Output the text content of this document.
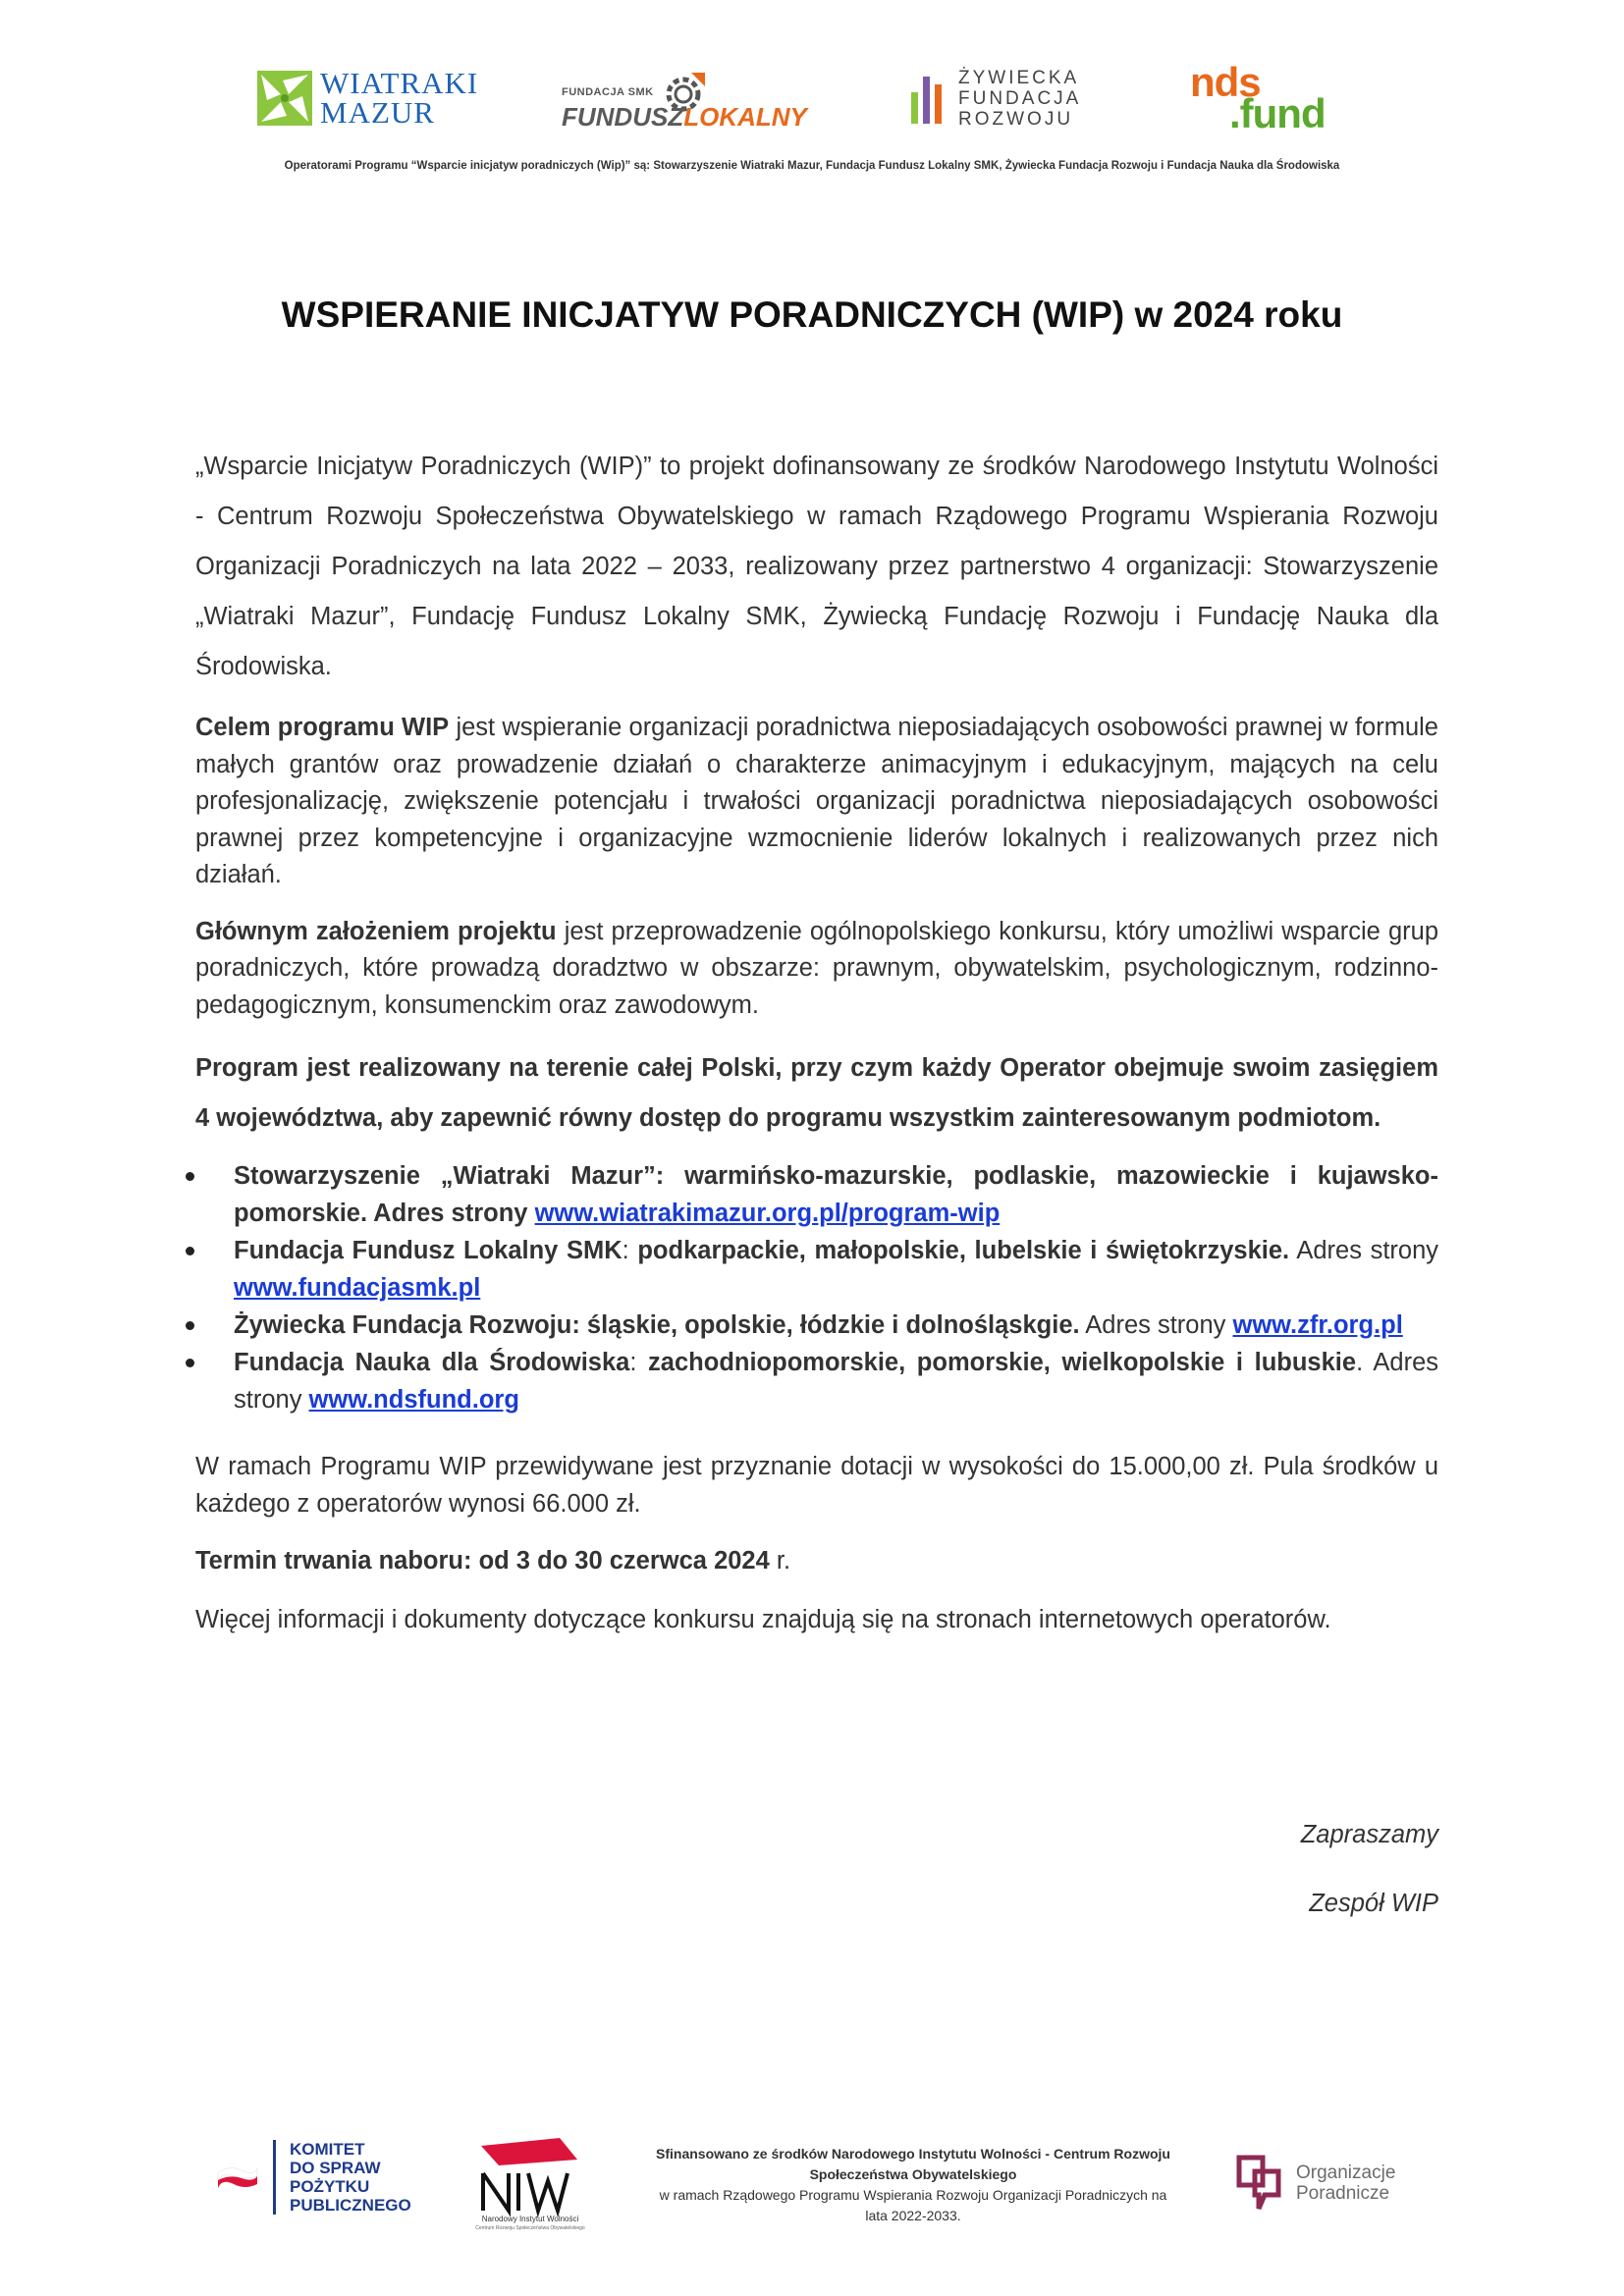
WIATRAKI
MAZUR
FUNDACJA SMK
FUNDUSZLOKALNY
ŻYWIECKA
FUNDACJA
ROZWOJU
nds
.fund
Operatorami Programu “Wsparcie inicjatyw poradniczych (Wip)” są: Stowarzyszenie Wiatraki Mazur, Fundacja Fundusz Lokalny SMK, Żywiecka Fundacja Rozwoju i Fundacja Nauka dla Środowiska
WSPIERANIE INICJATYW PORADNICZYCH (WIP) w 2024 roku

„Wsparcie Inicjatyw Poradniczych (WIP)” to projekt dofinansowany ze środków Narodowego Instytutu Wolności - Centrum Rozwoju Społeczeństwa Obywatelskiego w ramach Rządowego Programu Wspierania Rozwoju Organizacji Poradniczych na lata 2022 – 2033, realizowany przez partnerstwo 4 organizacji: Stowarzyszenie „Wiatraki Mazur”, Fundację Fundusz Lokalny SMK, Żywiecką Fundację Rozwoju i Fundację Nauka dla Środowiska.

Celem programu WIP jest wspieranie organizacji poradnictwa nieposiadających osobowości prawnej w formule małych grantów oraz prowadzenie działań o charakterze animacyjnym i edukacyjnym, mających na celu profesjonalizację, zwiększenie potencjału i trwałości organizacji poradnictwa nieposiadających osobowości prawnej przez kompetencyjne i organizacyjne wzmocnienie liderów lokalnych i realizowanych przez nich działań.

Głównym założeniem projektu jest przeprowadzenie ogólnopolskiego konkursu, który umożliwi wsparcie grup poradniczych, które prowadzą doradztwo w obszarze: prawnym, obywatelskim, psychologicznym, rodzinno-pedagogicznym, konsumenckim oraz zawodowym.

Program jest realizowany na terenie całej Polski, przy czym każdy Operator obejmuje swoim zasięgiem 4 województwa, aby zapewnić równy dostęp do programu wszystkim zainteresowanym podmiotom.

Stowarzyszenie „Wiatraki Mazur”: warmińsko-mazurskie, podlaskie, mazowieckie i kujawsko-pomorskie. Adres strony www.wiatrakimazur.org.pl/program-wip
Fundacja Fundusz Lokalny SMK: podkarpackie, małopolskie, lubelskie i świętokrzyskie. Adres strony www.fundacjasmk.pl
Żywiecka Fundacja Rozwoju: śląskie, opolskie, łódzkie i dolnośląskgie. Adres strony www.zfr.org.pl
Fundacja Nauka dla Środowiska: zachodniopomorskie, pomorskie, wielkopolskie i lubuskie. Adres strony www.ndsfund.org

W ramach Programu WIP przewidywane jest przyznanie dotacji w wysokości do 15.000,00 zł. Pula środków u każdego z operatorów wynosi 66.000 zł.

Termin trwania naboru: od 3 do 30 czerwca 2024 r.

Więcej informacji i dokumenty dotyczące konkursu znajdują się na stronach internetowych operatorów.

Zapraszamy
Zespół WIP
KOMITET
DO SPRAW
POŻYTKU
PUBLICZNEGO
Narodowy Instytut Wolności
Centrum Rozwoju Społeczeństwa Obywatelskiego
Sfinansowano ze środków Narodowego Instytutu Wolności - Centrum Rozwoju
Społeczeństwa Obywatelskiego
w ramach Rządowego Programu Wspierania Rozwoju Organizacji Poradniczych na
lata 2022-2033.
Organizacje
Poradnicze
